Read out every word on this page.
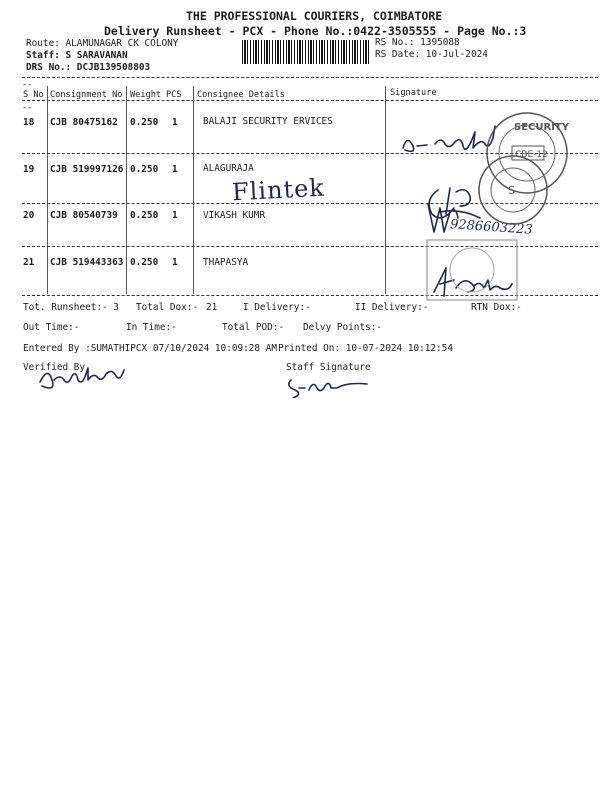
THE PROFESSIONAL COURIERS, COIMBATORE
Delivery Runsheet - PCX - Phone No.:0422-3505555 - Page No.:3
Route: ALAMUNAGAR CK COLONY
Staff: S SARAVANAN
DRS No.: DCJB139508803
RS No.: 1395088
RS Date: 10-Jul-2024
--
--
S No Consignment No Weight PCS Consignee Details	Signature
18 CJB 80475162 0.250 1	BALAJI SECURITY ERVICES
19 CJB 519997126 0.250 1	ALAGURAJA
20 CJB 80540739 0.250 1	VIKASH KUMR
21 CJB 519443363 0.250 1	THAPASYA
Flintek
9286603223
SECURITY
CBE-12
S
Tot. Runsheet:- 3 Total Dox:- 21	I Delivery:-	II Delivery:-	RTN Dox:-
Out Time:-	In Time:-	Total POD:- Delvy Points:-
Entered By :SUMATHIPCX 07/10/2024 10:09:28 AM Printed On: 10-07-2024 10:12:54
Verified By	Staff Signature
